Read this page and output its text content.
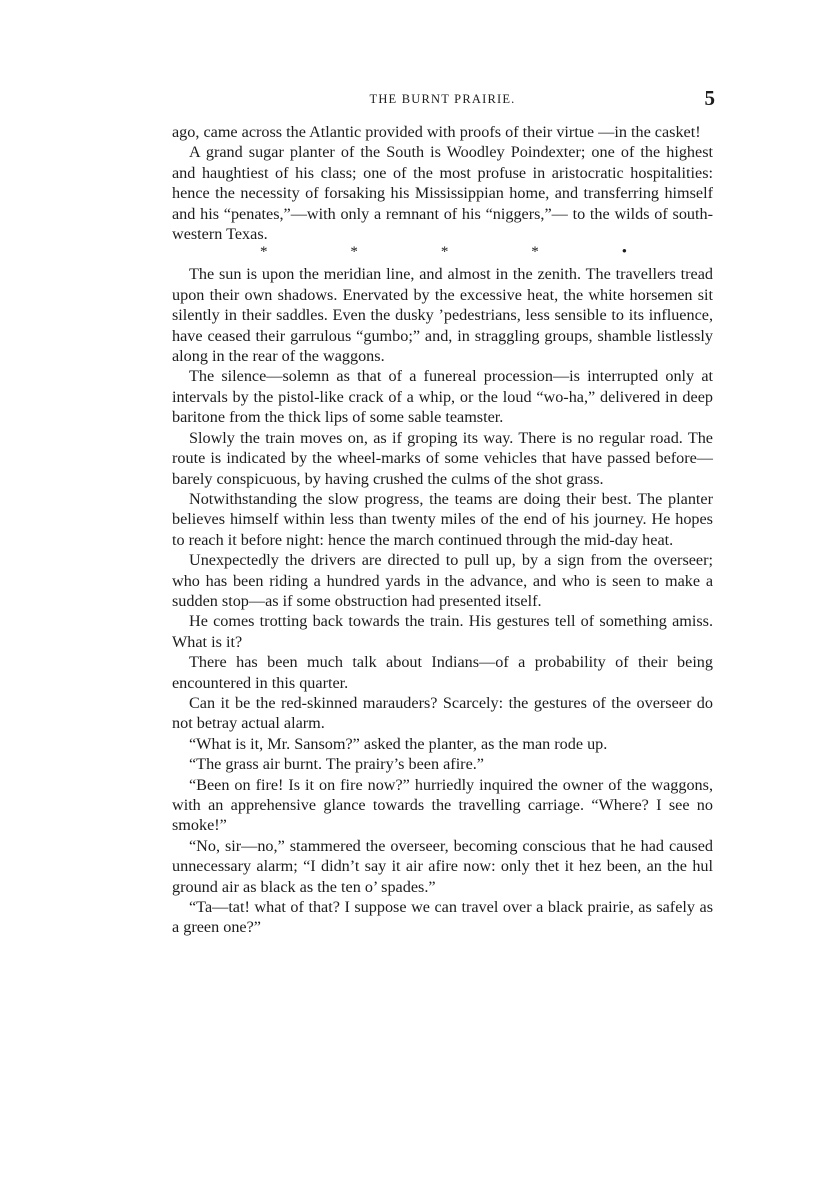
THE BURNT PRAIRIE.	5

ago, came across the Atlantic provided with proofs of their virtue —in the casket!

A grand sugar planter of the South is Woodley Poindexter; one of the highest and haughtiest of his class; one of the most profuse in aristocratic hospitalities: hence the necessity of forsaking his Mississippian home, and transferring himself and his “penates,”—with only a remnant of his “niggers,”— to the wilds of south-western Texas.

*	*	*	*	•

The sun is upon the meridian line, and almost in the zenith. The travellers tread upon their own shadows. Enervated by the excessive heat, the white horsemen sit silently in their saddles. Even the dusky ’pedestrians, less sensible to its influence, have ceased their garrulous “gumbo;” and, in straggling groups, shamble listlessly along in the rear of the waggons.

The silence—solemn as that of a funereal procession—is interrupted only at intervals by the pistol-like crack of a whip, or the loud “wo-ha,” delivered in deep baritone from the thick lips of some sable teamster.

Slowly the train moves on, as if groping its way. There is no regular road. The route is indicated by the wheel-marks of some vehicles that have passed before—barely conspicuous, by having crushed the culms of the shot grass.

Notwithstanding the slow progress, the teams are doing their best. The planter believes himself within less than twenty miles of the end of his journey. He hopes to reach it before night: hence the march continued through the mid-day heat.

Unexpectedly the drivers are directed to pull up, by a sign from the overseer; who has been riding a hundred yards in the advance, and who is seen to make a sudden stop—as if some obstruction had presented itself.

He comes trotting back towards the train. His gestures tell of something amiss. What is it?

There has been much talk about Indians—of a probability of their being encountered in this quarter.

Can it be the red-skinned marauders? Scarcely: the gestures of the overseer do not betray actual alarm.

“What is it, Mr. Sansom?” asked the planter, as the man rode up.

“The grass air burnt. The prairy’s been afire.”

“Been on fire! Is it on fire now?” hurriedly inquired the owner of the waggons, with an apprehensive glance towards the travelling carriage. “Where? I see no smoke!”

“No, sir—no,” stammered the overseer, becoming conscious that he had caused unnecessary alarm; “I didn’t say it air afire now: only thet it hez been, an the hul ground air as black as the ten o’ spades.”

“Ta—tat! what of that? I suppose we can travel over a black prairie, as safely as a green one?”
